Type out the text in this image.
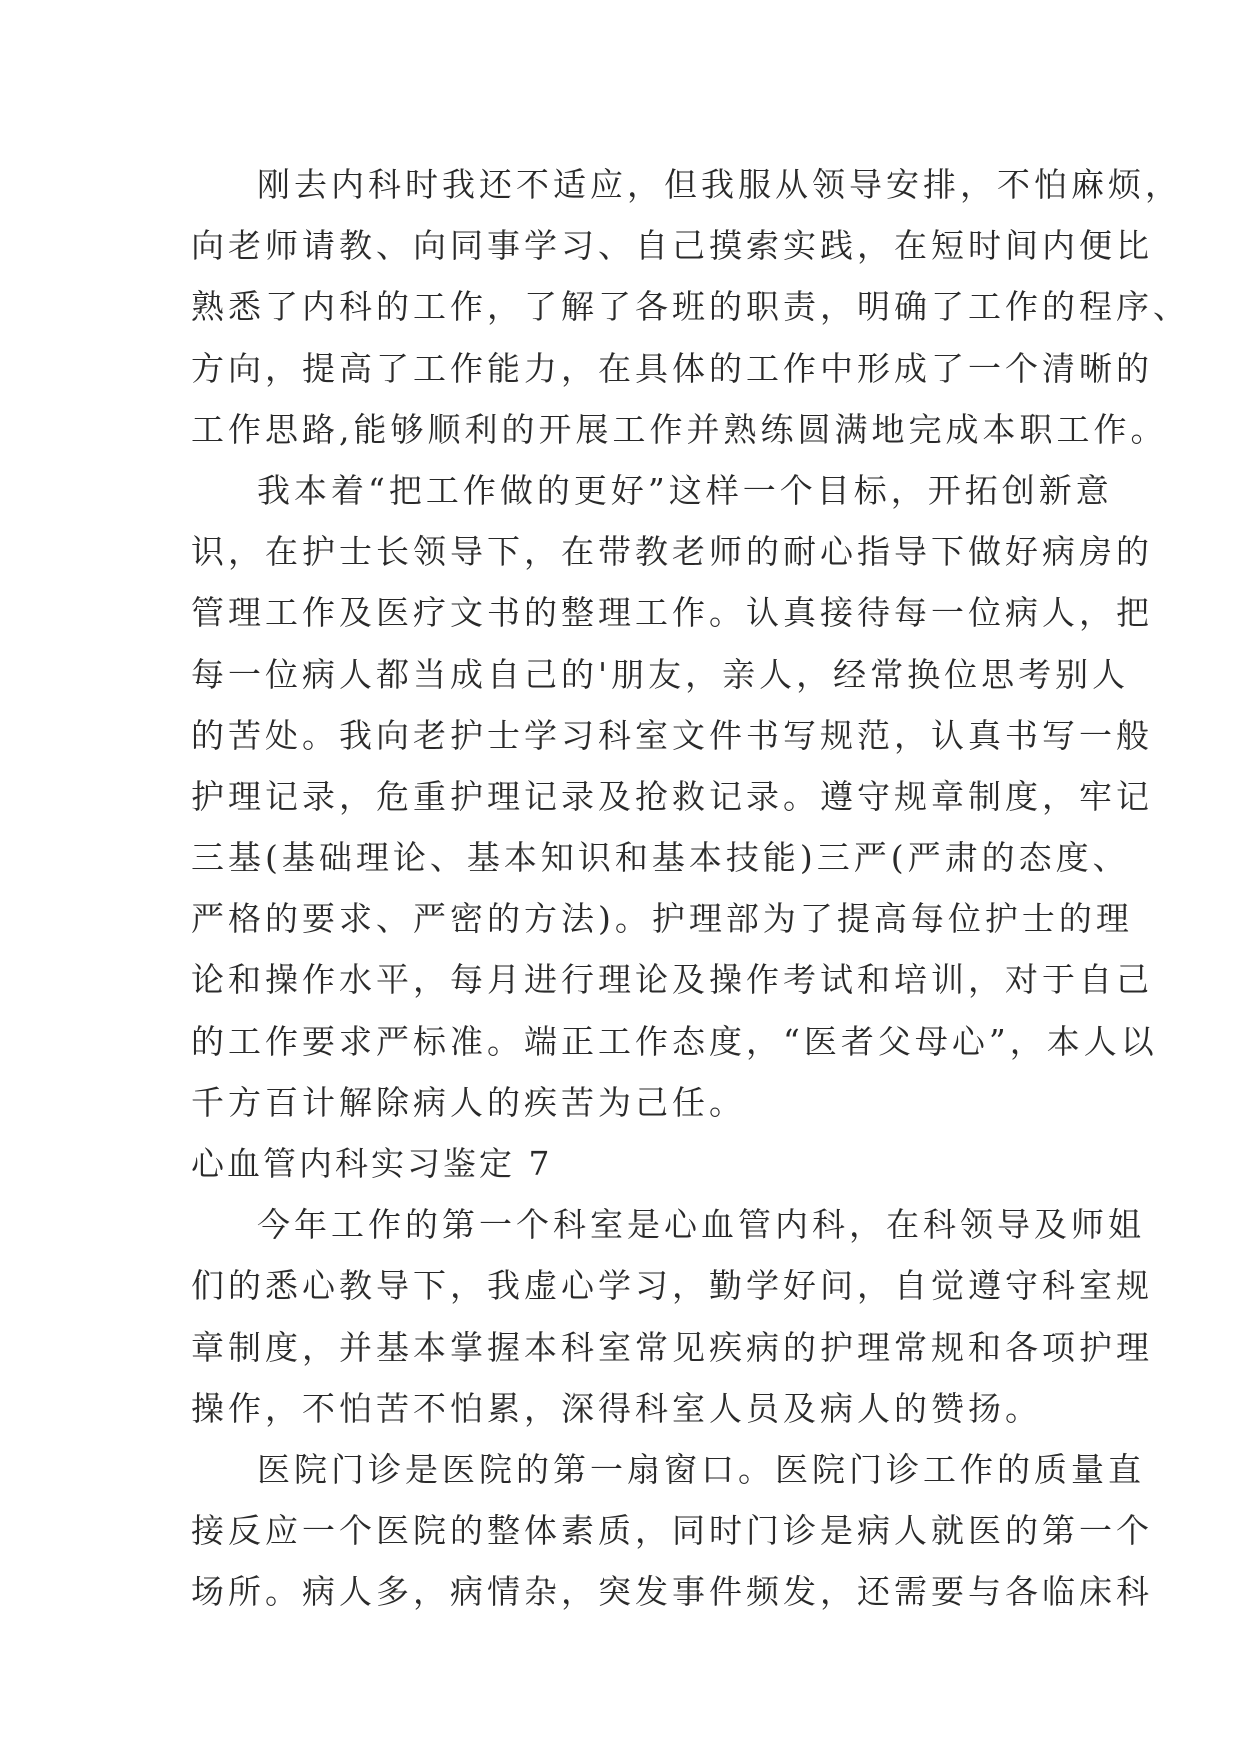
刚去内科时我还不适应，但我服从领导安排，不怕麻烦，
向老师请教、向同事学习、自己摸索实践，在短时间内便比
熟悉了内科的工作，了解了各班的职责，明确了工作的程序、
方向，提高了工作能力，在具体的工作中形成了一个清晰的
工作思路,能够顺利的开展工作并熟练圆满地完成本职工作。
我本着“把工作做的更好”这样一个目标，开拓创新意
识，在护士长领导下，在带教老师的耐心指导下做好病房的
管理工作及医疗文书的整理工作。认真接待每一位病人，把
每一位病人都当成自己的'朋友，亲人，经常换位思考别人
的苦处。我向老护士学习科室文件书写规范，认真书写一般
护理记录，危重护理记录及抢救记录。遵守规章制度，牢记
三基(基础理论、基本知识和基本技能)三严(严肃的态度、
严格的要求、严密的方法)。护理部为了提高每位护士的理
论和操作水平，每月进行理论及操作考试和培训，对于自己
的工作要求严标准。端正工作态度，“医者父母心”，本人以
千方百计解除病人的疾苦为己任。
心血管内科实习鉴定 7
今年工作的第一个科室是心血管内科，在科领导及师姐
们的悉心教导下，我虚心学习，勤学好问，自觉遵守科室规
章制度，并基本掌握本科室常见疾病的护理常规和各项护理
操作，不怕苦不怕累，深得科室人员及病人的赞扬。
医院门诊是医院的第一扇窗口。医院门诊工作的质量直
接反应一个医院的整体素质，同时门诊是病人就医的第一个
场所。病人多，病情杂，突发事件频发，还需要与各临床科
